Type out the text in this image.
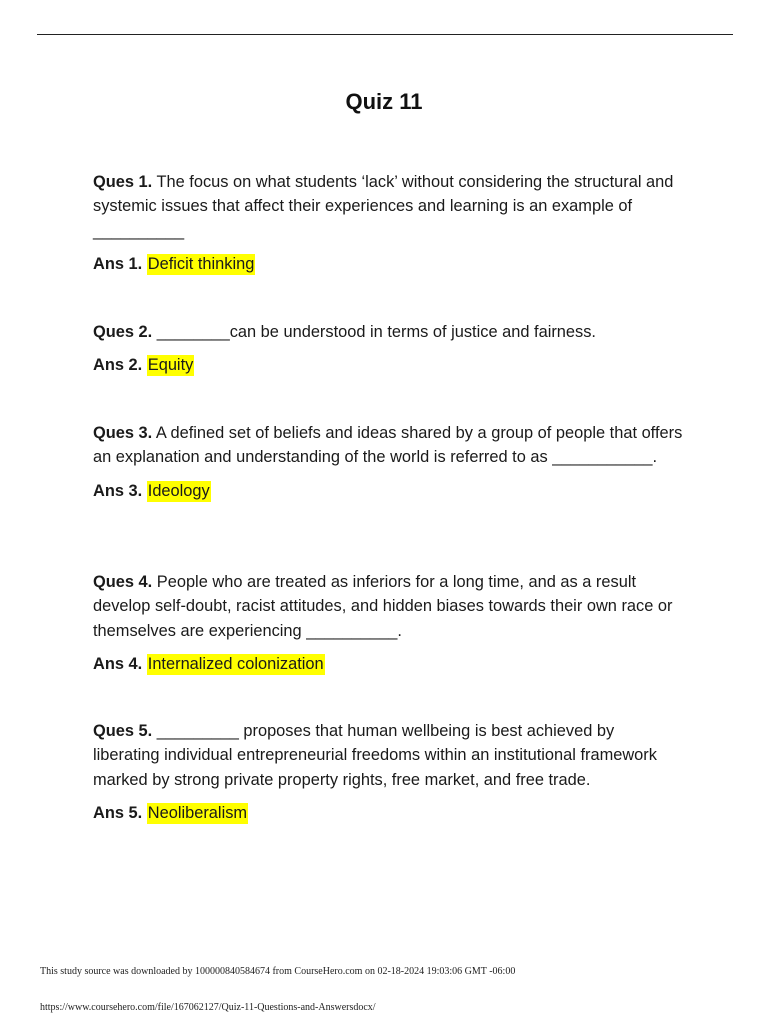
Quiz 11

Ques 1. The focus on what students ‘lack’ without considering the structural and systemic issues that affect their experiences and learning is an example of __________

Ans 1. Deficit thinking

Ques 2. ________can be understood in terms of justice and fairness.

Ans 2. Equity

Ques 3. A defined set of beliefs and ideas shared by a group of people that offers an explanation and understanding of the world is referred to as ___________.

Ans 3. Ideology

Ques 4. People who are treated as inferiors for a long time, and as a result develop self-doubt, racist attitudes, and hidden biases towards their own race or themselves are experiencing __________.

Ans 4. Internalized colonization

Ques 5. _________ proposes that human wellbeing is best achieved by liberating individual entrepreneurial freedoms within an institutional framework marked by strong private property rights, free market, and free trade.

Ans 5. Neoliberalism

This study source was downloaded by 100000840584674 from CourseHero.com on 02-18-2024 19:03:06 GMT -06:00
https://www.coursehero.com/file/167062127/Quiz-11-Questions-and-Answersdocx/
